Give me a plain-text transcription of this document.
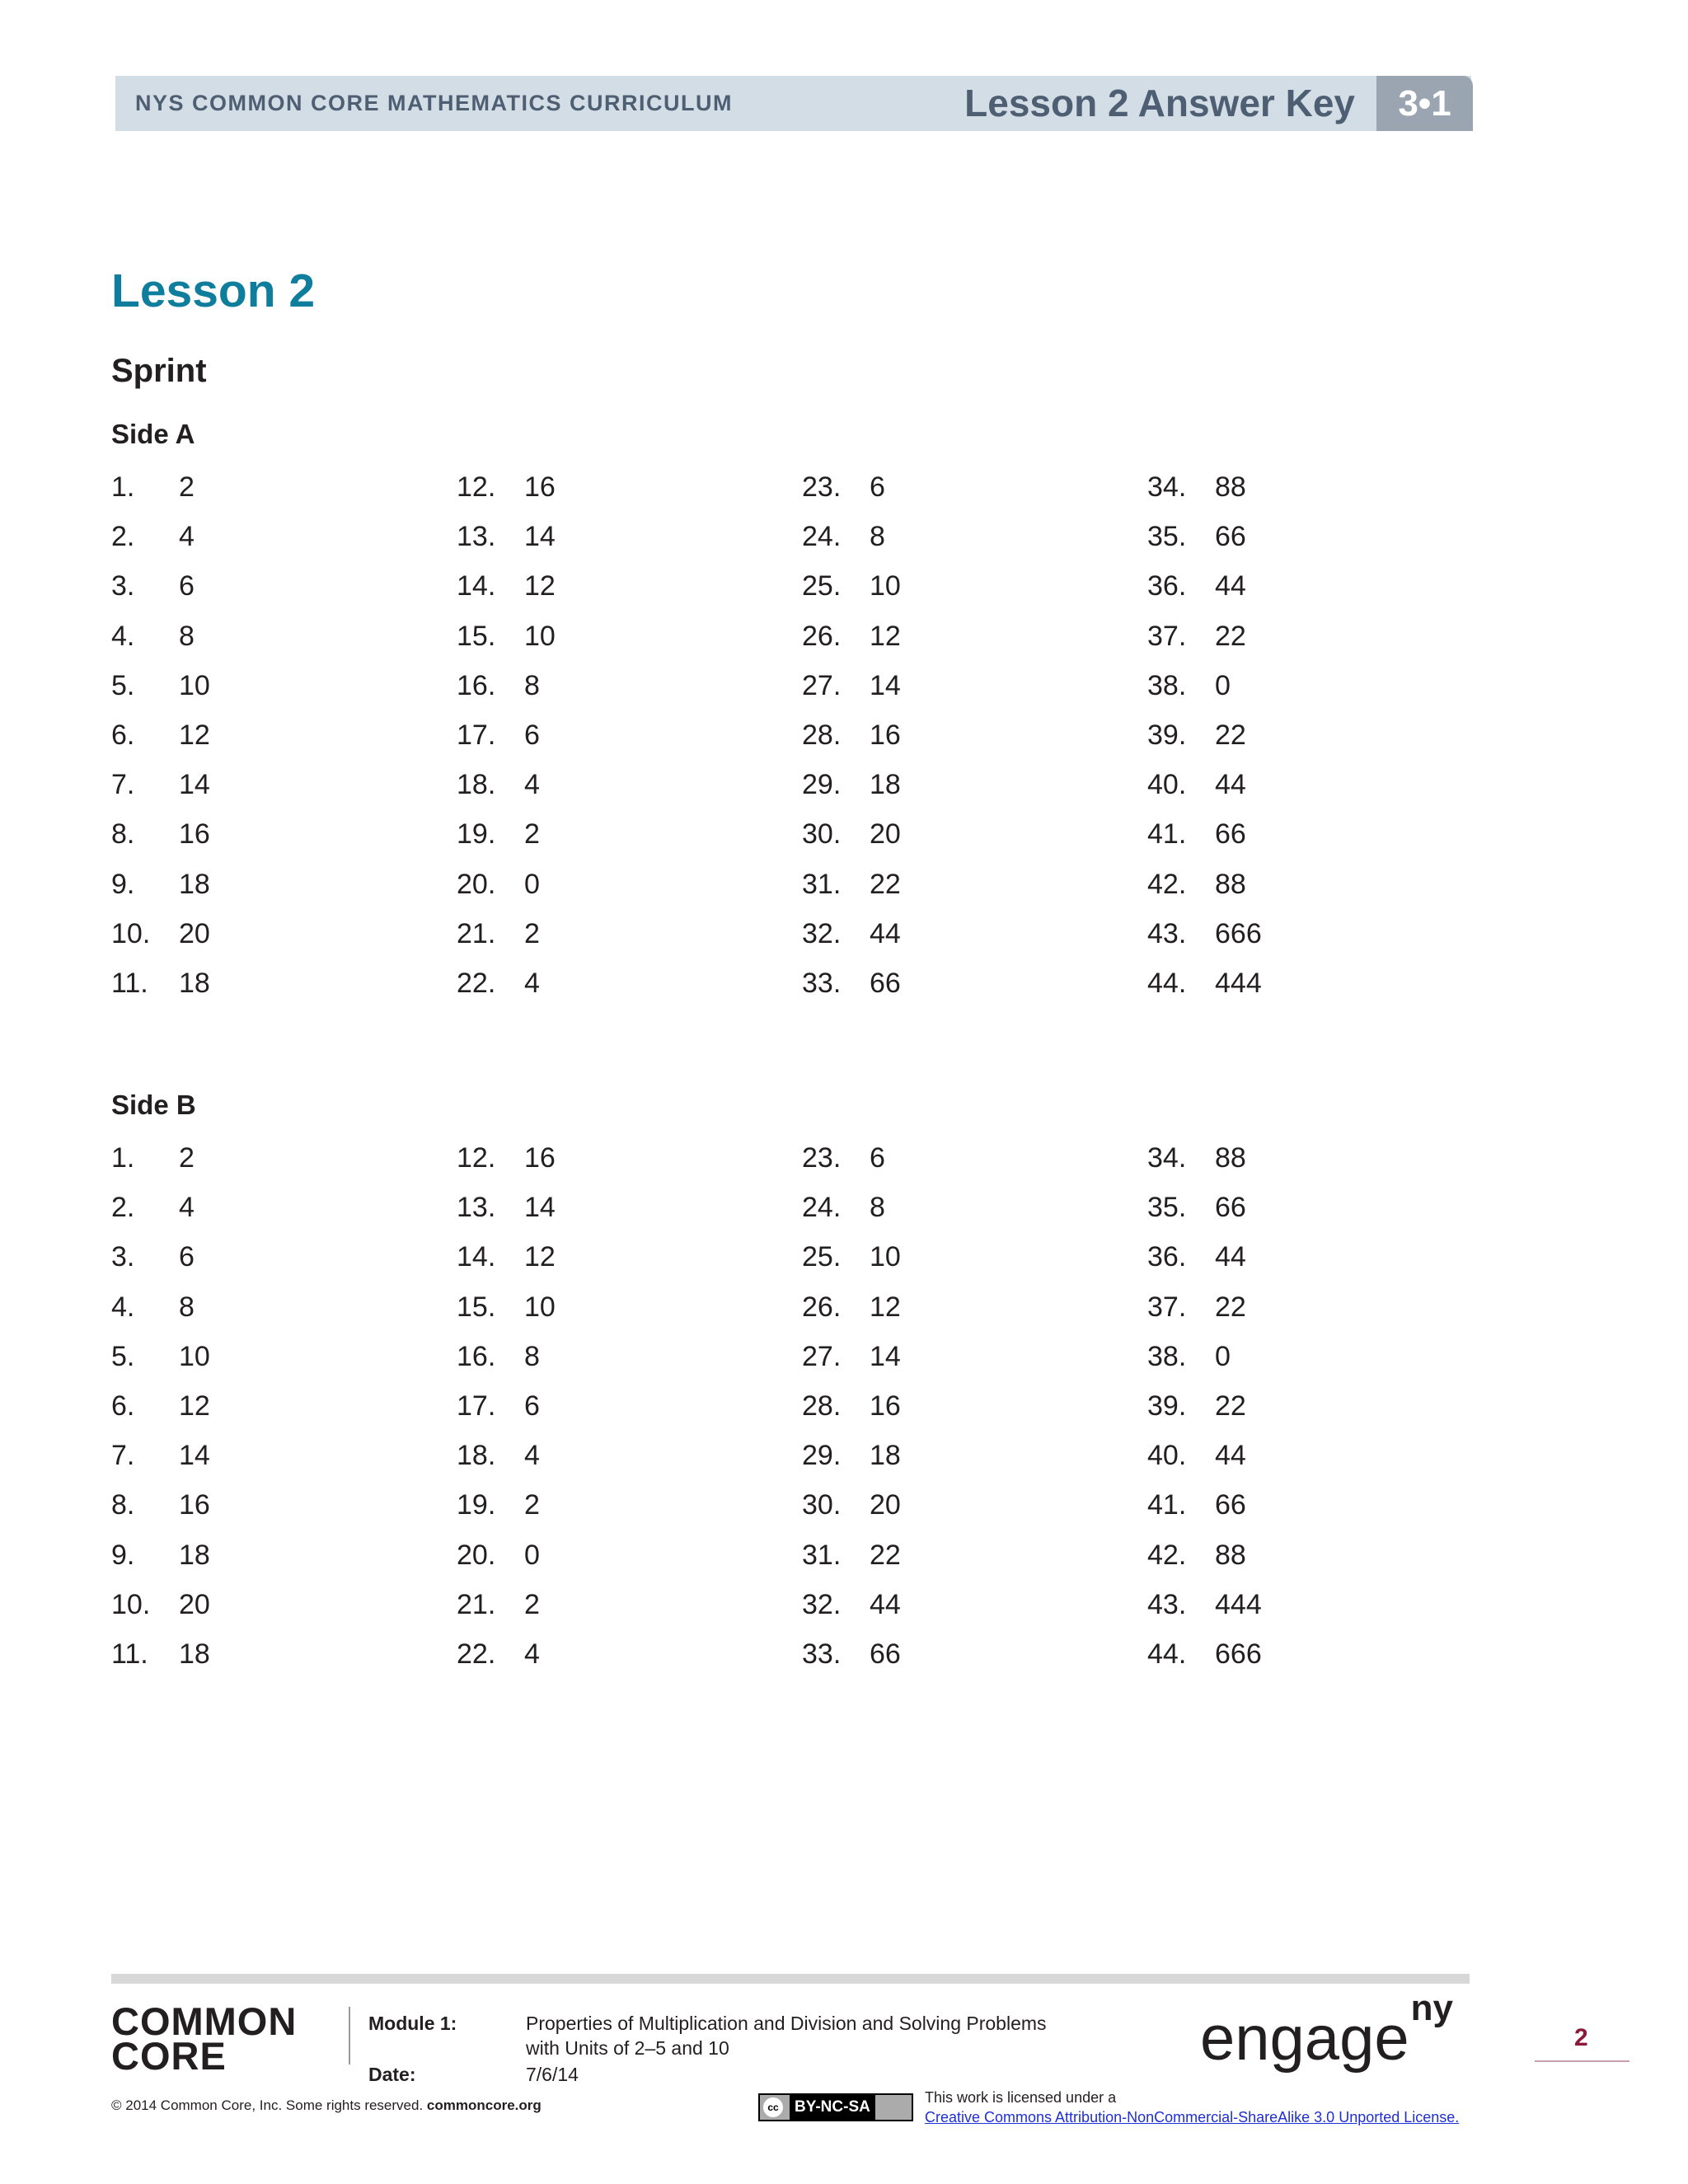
NYS COMMON CORE MATHEMATICS CURRICULUM	Lesson 2 Answer Key	3•1
Lesson 2
Sprint
Side A
1. 2
2. 4
3. 6
4. 8
5. 10
6. 12
7. 14
8. 16
9. 18
10. 20
11. 18
12. 16
13. 14
14. 12
15. 10
16. 8
17. 6
18. 4
19. 2
20. 0
21. 2
22. 4
23. 6
24. 8
25. 10
26. 12
27. 14
28. 16
29. 18
30. 20
31. 22
32. 44
33. 66
34. 88
35. 66
36. 44
37. 22
38. 0
39. 22
40. 44
41. 66
42. 88
43. 666
44. 444
Side B
1. 2
2. 4
3. 6
4. 8
5. 10
6. 12
7. 14
8. 16
9. 18
10. 20
11. 18
12. 16
13. 14
14. 12
15. 10
16. 8
17. 6
18. 4
19. 2
20. 0
21. 2
22. 4
23. 6
24. 8
25. 10
26. 12
27. 14
28. 16
29. 18
30. 20
31. 22
32. 44
33. 66
34. 88
35. 66
36. 44
37. 22
38. 0
39. 22
40. 44
41. 66
42. 88
43. 444
44. 666
COMMON
CORE
Module 1:	Properties of Multiplication and Division and Solving Problems
with Units of 2–5 and 10
Date:	7/6/14
© 2014 Common Core, Inc. Some rights reserved. commoncore.org	cc	BY-NC-SA
This work is licensed under a
Creative Commons Attribution-NonCommercial-ShareAlike 3.0 Unported License.
engage$^{ny}$
2
